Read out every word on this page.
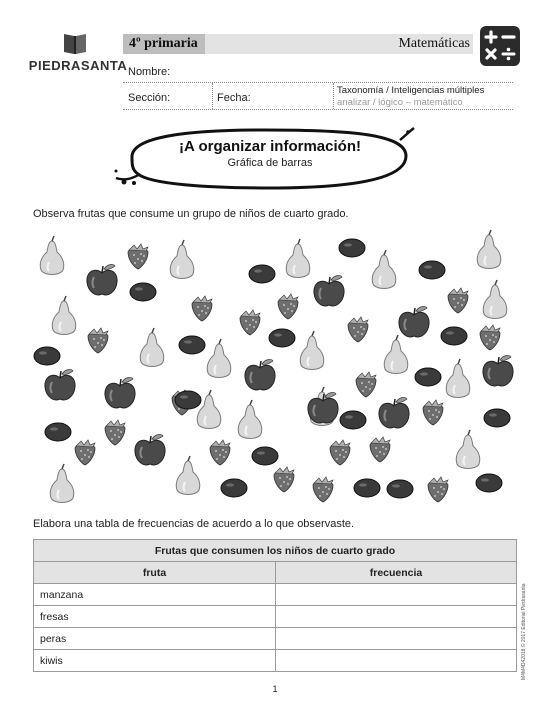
PIEDRASANTA
4º primaria	Matemáticas
Nombre:
Sección:	Fecha:
Taxonomía / Inteligencias múltiples
analizar / lógico – matemático
¡A organizar información!
Gráfica de barras
Observa frutas que consume un grupo de niños de cuarto grado.
Elabora una tabla de frecuencias de acuerdo a lo que observaste.
Frutas que consumen los niños de cuarto grado	
fruta	frecuencia
manzana	
fresas	
peras	
kiwis		M4M4D42018 © 2017 Editorial Piedrasanta
1
